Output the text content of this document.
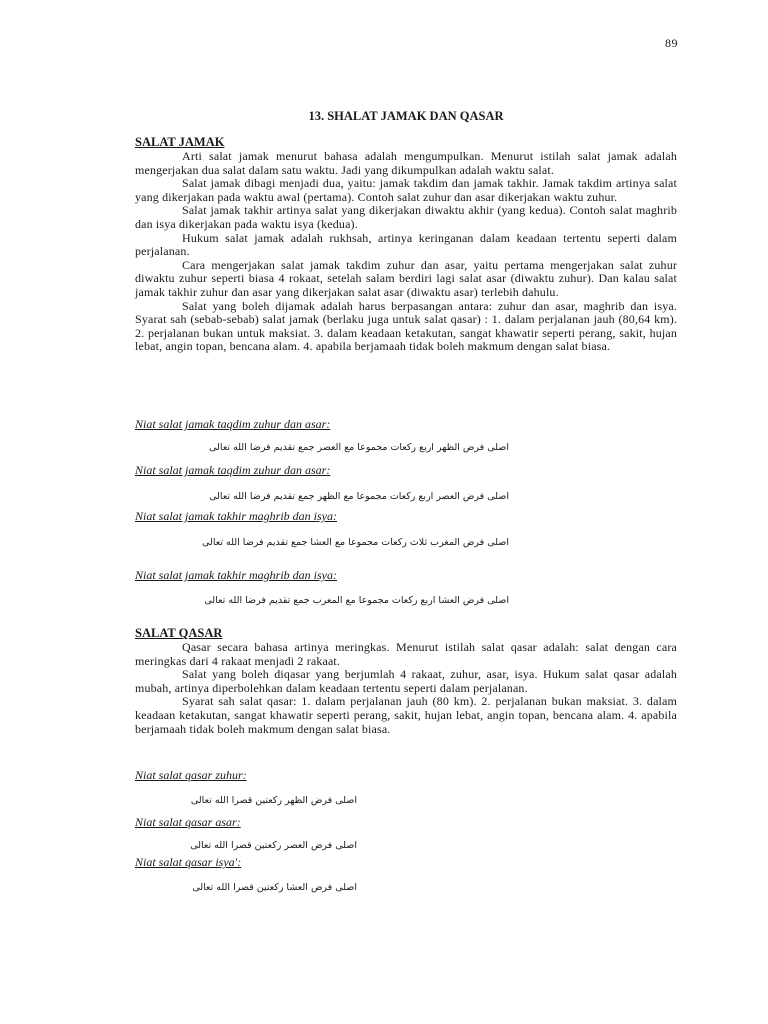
89
13. SHALAT JAMAK DAN QASAR

SALAT JAMAK

Arti salat jamak menurut bahasa adalah mengumpulkan. Menurut istilah salat jamak adalah mengerjakan dua salat dalam satu waktu. Jadi yang dikumpulkan adalah waktu salat.

Salat jamak dibagi menjadi dua, yaitu: jamak takdim dan jamak takhir. Jamak takdim artinya salat yang dikerjakan pada waktu awal (pertama). Contoh salat zuhur dan asar dikerjakan waktu zuhur.

Salat jamak takhir artinya salat yang dikerjakan diwaktu akhir (yang kedua). Contoh salat maghrib dan isya dikerjakan pada waktu isya (kedua).

Hukum salat jamak adalah rukhsah, artinya keringanan dalam keadaan tertentu seperti dalam perjalanan.

Cara mengerjakan salat jamak takdim zuhur dan asar, yaitu pertama mengerjakan salat zuhur diwaktu zuhur seperti biasa 4 rokaat, setelah salam berdiri lagi salat asar (diwaktu zuhur). Dan kalau salat jamak takhir zuhur dan asar yang dikerjakan salat asar (diwaktu asar) terlebih dahulu.

Salat yang boleh dijamak adalah harus berpasangan antara: zuhur dan asar, maghrib dan isya. Syarat sah (sebab-sebab) salat jamak (berlaku juga untuk salat qasar) : 1. dalam perjalanan jauh (80,64 km). 2. perjalanan bukan untuk maksiat. 3. dalam keadaan ketakutan, sangat khawatir seperti perang, sakit, hujan lebat, angin topan, bencana alam. 4. apabila berjamaah tidak boleh makmum dengan salat biasa.

Niat salat jamak taqdim zuhur dan asar:

اصلى فرض الظهر اربع ركعات مجموعا مع العصر جمع تقديم فرضا الله تعالى

Niat salat jamak taqdim zuhur dan asar:

اصلى فرض العصر اربع ركعات مجموعا مع الظهر جمع تقديم فرضا الله تعالى

Niat salat jamak takhir maghrib dan isya:

اصلى فرض المغرب ثلاث ركعات مجموعا مع العشا جمع تقديم فرضا الله تعالى

Niat salat jamak takhir maghrib dan isya:

اصلى فرض العشا اربع ركعات مجموعا مع المغرب جمع تقديم فرضا الله تعالى

SALAT QASAR

Qasar secara bahasa artinya meringkas. Menurut istilah salat qasar adalah: salat dengan cara meringkas dari 4 rakaat menjadi 2 rakaat.

Salat yang boleh diqasar yang berjumlah 4 rakaat, zuhur, asar, isya. Hukum salat qasar adalah mubah, artinya diperbolehkan dalam keadaan tertentu seperti dalam perjalanan.

Syarat sah salat qasar: 1. dalam perjalanan jauh (80 km). 2. perjalanan bukan maksiat. 3. dalam keadaan ketakutan, sangat khawatir seperti perang, sakit, hujan lebat, angin topan, bencana alam. 4. apabila berjamaah tidak boleh makmum dengan salat biasa.

Niat salat qasar zuhur:

اصلى فرض الظهر ركعتين قصرا الله تعالى

Niat salat qasar asar:

اصلى فرض العصر ركعتين قصرا الله تعالى

Niat salat qasar isya':

اصلى فرض العشا ركعتين قصرا الله تعالى
